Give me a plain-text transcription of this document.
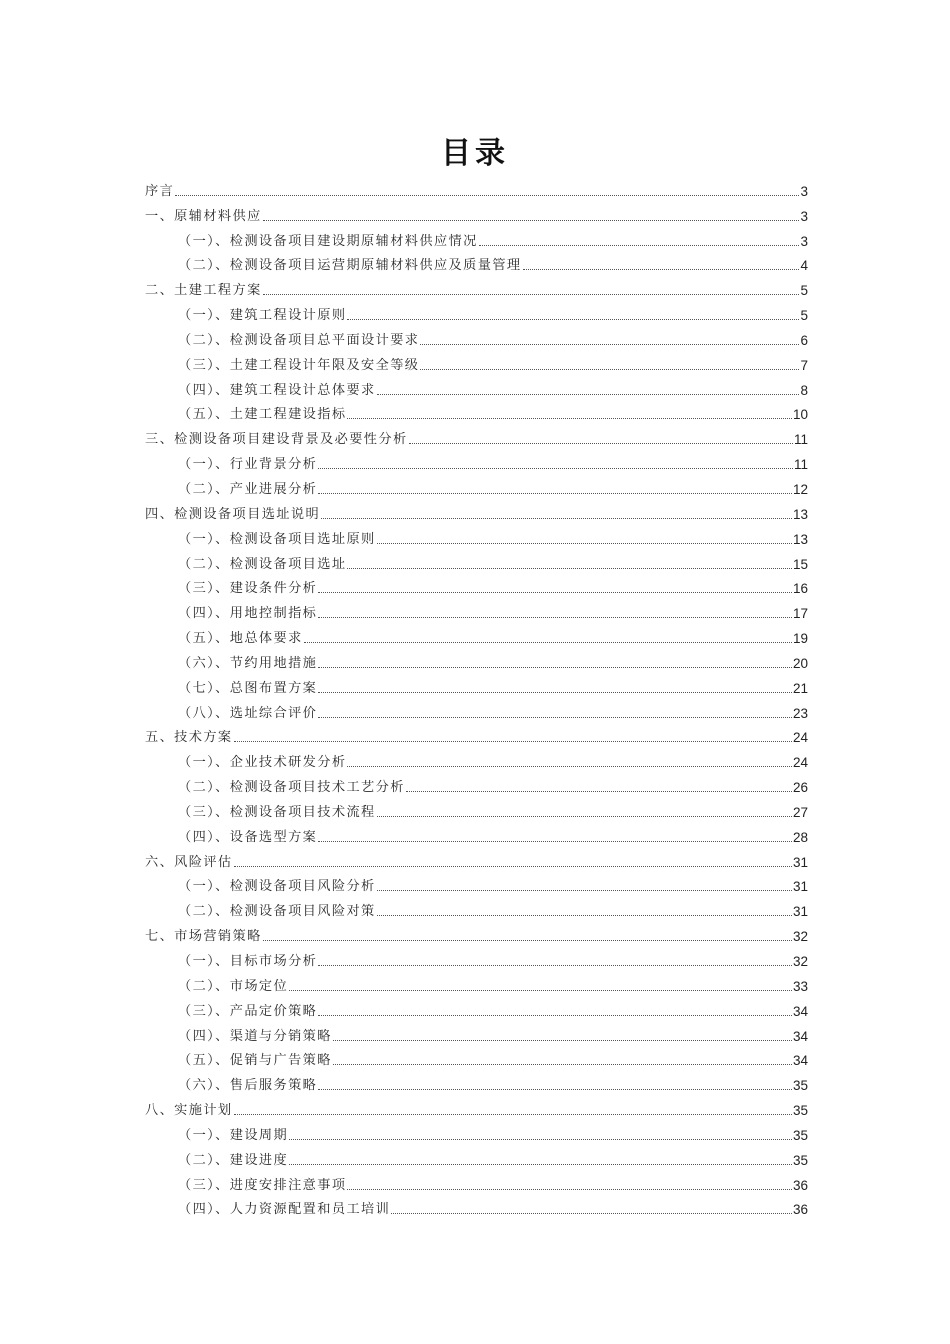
目录
序言	3
一、原辅材料供应	3
（一）、检测设备项目建设期原辅材料供应情况	3
（二）、检测设备项目运营期原辅材料供应及质量管理	4
二、土建工程方案	5
（一）、建筑工程设计原则	5
（二）、检测设备项目总平面设计要求	6
（三）、土建工程设计年限及安全等级	7
（四）、建筑工程设计总体要求	8
（五）、土建工程建设指标	10
三、检测设备项目建设背景及必要性分析	11
（一）、行业背景分析	11
（二）、产业进展分析	12
四、检测设备项目选址说明	13
（一）、检测设备项目选址原则	13
（二）、检测设备项目选址	15
（三）、建设条件分析	16
（四）、用地控制指标	17
（五）、地总体要求	19
（六）、节约用地措施	20
（七）、总图布置方案	21
（八）、选址综合评价	23
五、技术方案	24
（一）、企业技术研发分析	24
（二）、检测设备项目技术工艺分析	26
（三）、检测设备项目技术流程	27
（四）、设备选型方案	28
六、风险评估	31
（一）、检测设备项目风险分析	31
（二）、检测设备项目风险对策	31
七、市场营销策略	32
（一）、目标市场分析	32
（二）、市场定位	33
（三）、产品定价策略	34
（四）、渠道与分销策略	34
（五）、促销与广告策略	34
（六）、售后服务策略	35
八、实施计划	35
（一）、建设周期	35
（二）、建设进度	35
（三）、进度安排注意事项	36
（四）、人力资源配置和员工培训	36
